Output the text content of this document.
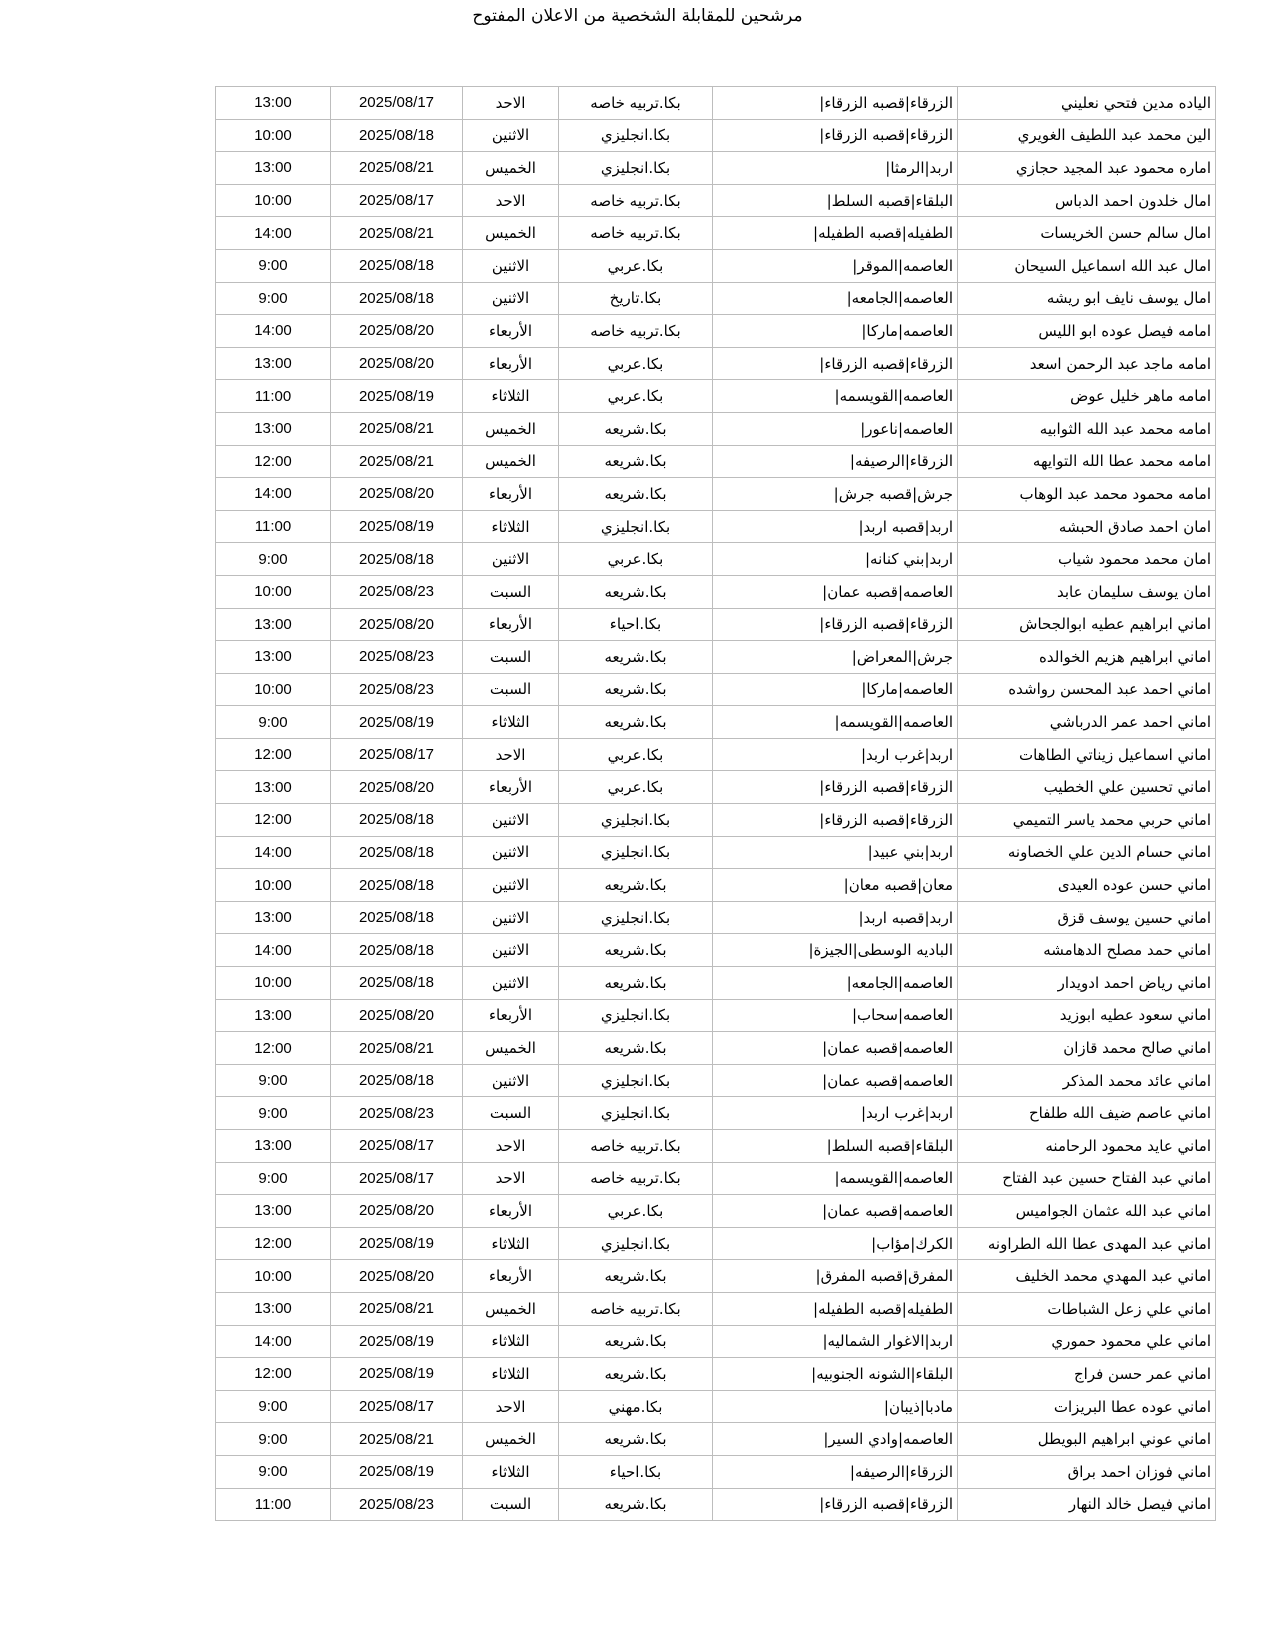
مرشحين للمقابلة الشخصية من الاعلان المفتوح
الياده مدين فتحي نعليني	الزرقاء|قصبه الزرقاء|	بكا.تربيه خاصه	الاحد	2025/08/17	13:00
الين محمد عبد اللطيف الغويري	الزرقاء|قصبه الزرقاء|	بكا.انجليزي	الاثنين	2025/08/18	10:00
اماره محمود عبد المجيد حجازي	اربد|الرمثا|	بكا.انجليزي	الخميس	2025/08/21	13:00
امال خلدون احمد الدباس	البلقاء|قصبه السلط|	بكا.تربيه خاصه	الاحد	2025/08/17	10:00
امال سالم حسن الخريسات	الطفيله|قصبه الطفيله|	بكا.تربيه خاصه	الخميس	2025/08/21	14:00
امال عبد الله اسماعيل السيحان	العاصمه|الموقر|	بكا.عربي	الاثنين	2025/08/18	9:00
امال يوسف نايف ابو ريشه	العاصمه|الجامعه|	بكا.تاريخ	الاثنين	2025/08/18	9:00
امامه فيصل عوده ابو الليس	العاصمه|ماركا|	بكا.تربيه خاصه	الأربعاء	2025/08/20	14:00
امامه ماجد عبد الرحمن اسعد	الزرقاء|قصبه الزرقاء|	بكا.عربي	الأربعاء	2025/08/20	13:00
امامه ماهر خليل عوض	العاصمه|القويسمه|	بكا.عربي	الثلاثاء	2025/08/19	11:00
امامه محمد عبد الله الثوابيه	العاصمه|ناعور|	بكا.شريعه	الخميس	2025/08/21	13:00
امامه محمد عطا الله التوايهه	الزرقاء|الرصيفه|	بكا.شريعه	الخميس	2025/08/21	12:00
امامه محمود محمد عبد الوهاب	جرش|قصبه جرش|	بكا.شريعه	الأربعاء	2025/08/20	14:00
امان احمد صادق الحبشه	اربد|قصبه اربد|	بكا.انجليزي	الثلاثاء	2025/08/19	11:00
امان محمد محمود شياب	اربد|بني كنانه|	بكا.عربي	الاثنين	2025/08/18	9:00
امان يوسف سليمان عابد	العاصمه|قصبه عمان|	بكا.شريعه	السبت	2025/08/23	10:00
اماني ابراهيم عطيه ابوالجحاش	الزرقاء|قصبه الزرقاء|	بكا.احياء	الأربعاء	2025/08/20	13:00
اماني ابراهيم هزيم الخوالده	جرش|المعراض|	بكا.شريعه	السبت	2025/08/23	13:00
اماني احمد عبد المحسن رواشده	العاصمه|ماركا|	بكا.شريعه	السبت	2025/08/23	10:00
اماني احمد عمر الدرباشي	العاصمه|القويسمه|	بكا.شريعه	الثلاثاء	2025/08/19	9:00
اماني اسماعيل زيناتي الطاهات	اربد|غرب اربد|	بكا.عربي	الاحد	2025/08/17	12:00
اماني تحسين علي الخطيب	الزرقاء|قصبه الزرقاء|	بكا.عربي	الأربعاء	2025/08/20	13:00
اماني حربي محمد ياسر التميمي	الزرقاء|قصبه الزرقاء|	بكا.انجليزي	الاثنين	2025/08/18	12:00
اماني حسام الدين علي الخصاونه	اربد|بني عبيد|	بكا.انجليزي	الاثنين	2025/08/18	14:00
اماني حسن عوده العيدى	معان|قصبه معان|	بكا.شريعه	الاثنين	2025/08/18	10:00
اماني حسين يوسف قزق	اربد|قصبه اربد|	بكا.انجليزي	الاثنين	2025/08/18	13:00
اماني حمد مصلح الدهامشه	الباديه الوسطى|الجيزة|	بكا.شريعه	الاثنين	2025/08/18	14:00
اماني رياض احمد ادويدار	العاصمه|الجامعه|	بكا.شريعه	الاثنين	2025/08/18	10:00
اماني سعود عطيه ابوزيد	العاصمه|سحاب|	بكا.انجليزي	الأربعاء	2025/08/20	13:00
اماني صالح محمد قازان	العاصمه|قصبه عمان|	بكا.شريعه	الخميس	2025/08/21	12:00
اماني عائد محمد المذكر	العاصمه|قصبه عمان|	بكا.انجليزي	الاثنين	2025/08/18	9:00
اماني عاصم ضيف الله طلفاح	اربد|غرب اربد|	بكا.انجليزي	السبت	2025/08/23	9:00
اماني عايد محمود الرحامنه	البلقاء|قصبه السلط|	بكا.تربيه خاصه	الاحد	2025/08/17	13:00
اماني عبد الفتاح حسين عبد الفتاح	العاصمه|القويسمه|	بكا.تربيه خاصه	الاحد	2025/08/17	9:00
اماني عبد الله عثمان الجواميس	العاصمه|قصبه عمان|	بكا.عربي	الأربعاء	2025/08/20	13:00
اماني عبد المهدى عطا الله الطراونه	الكرك|مؤاب|	بكا.انجليزي	الثلاثاء	2025/08/19	12:00
اماني عبد المهدي محمد الخليف	المفرق|قصبه المفرق|	بكا.شريعه	الأربعاء	2025/08/20	10:00
اماني علي زعل الشباطات	الطفيله|قصبه الطفيله|	بكا.تربيه خاصه	الخميس	2025/08/21	13:00
اماني علي محمود حموري	اربد|الاغوار الشماليه|	بكا.شريعه	الثلاثاء	2025/08/19	14:00
اماني عمر حسن فراج	البلقاء|الشونه الجنوبيه|	بكا.شريعه	الثلاثاء	2025/08/19	12:00
اماني عوده عطا البريزات	مادبا|ذيبان|	بكا.مهني	الاحد	2025/08/17	9:00
اماني عوني ابراهيم البويطل	العاصمه|وادي السير|	بكا.شريعه	الخميس	2025/08/21	9:00
اماني فوزان احمد براق	الزرقاء|الرصيفه|	بكا.احياء	الثلاثاء	2025/08/19	9:00
اماني فيصل خالد النهار	الزرقاء|قصبه الزرقاء|	بكا.شريعه	السبت	2025/08/23	11:00
